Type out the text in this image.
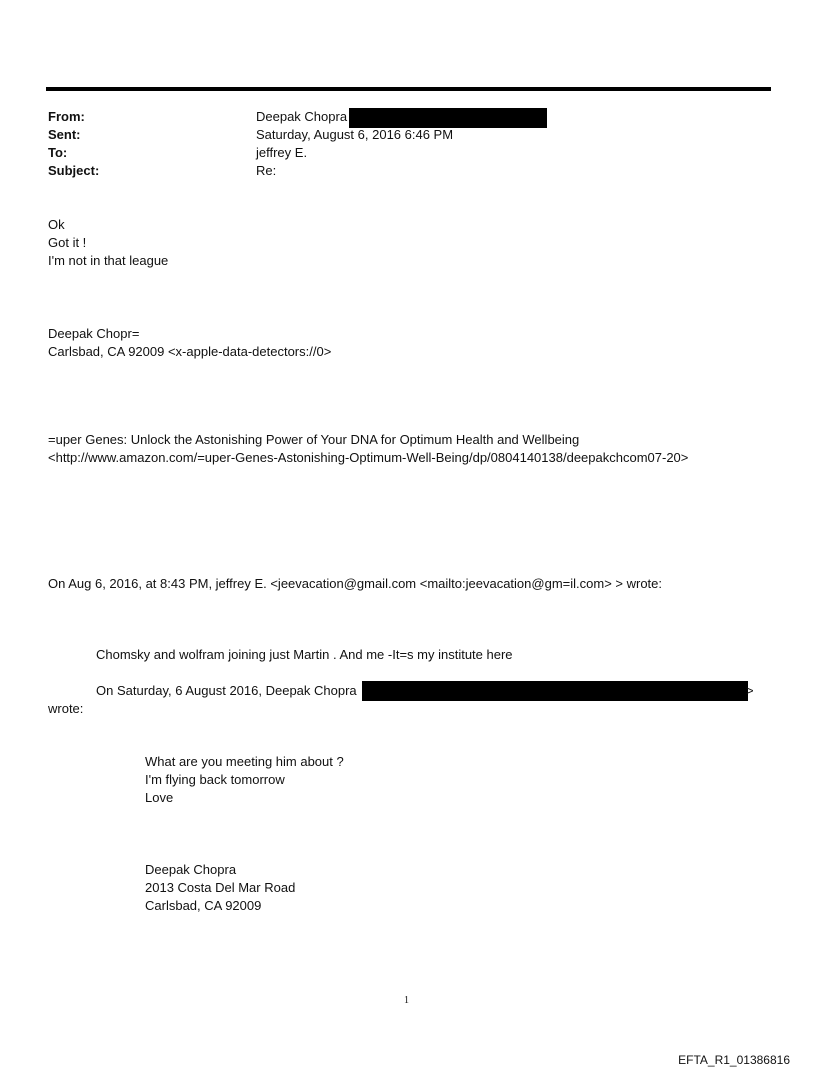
From:	Deepak Chopra
Sent:	Saturday, August 6, 2016 6:46 PM
To:	jeffrey E.
Subject:	Re:
Ok
Got it !
I'm not in that league
Deepak Chopr=
Carlsbad, CA 92009 <x-apple-data-detectors://0>
=uper Genes: Unlock the Astonishing Power of Your DNA for Optimum Health and Wellbeing
<http://www.amazon.com/=uper-Genes-Astonishing-Optimum-Well-Being/dp/0804140138/deepakchcom07-20>
On Aug 6, 2016, at 8:43 PM, jeffrey E. <jeevacation@gmail.com <mailto:jeevacation@gm=il.com> > wrote:
Chomsky and wolfram joining just Martin . And me -It=s my institute here
On Saturday, 6 August 2016, Deepak Chopra	>
wrote:
What are you meeting him about ?
I'm flying back tomorrow
Love
Deepak Chopra
2013 Costa Del Mar Road
Carlsbad, CA 92009
1
EFTA_R1_01386816
